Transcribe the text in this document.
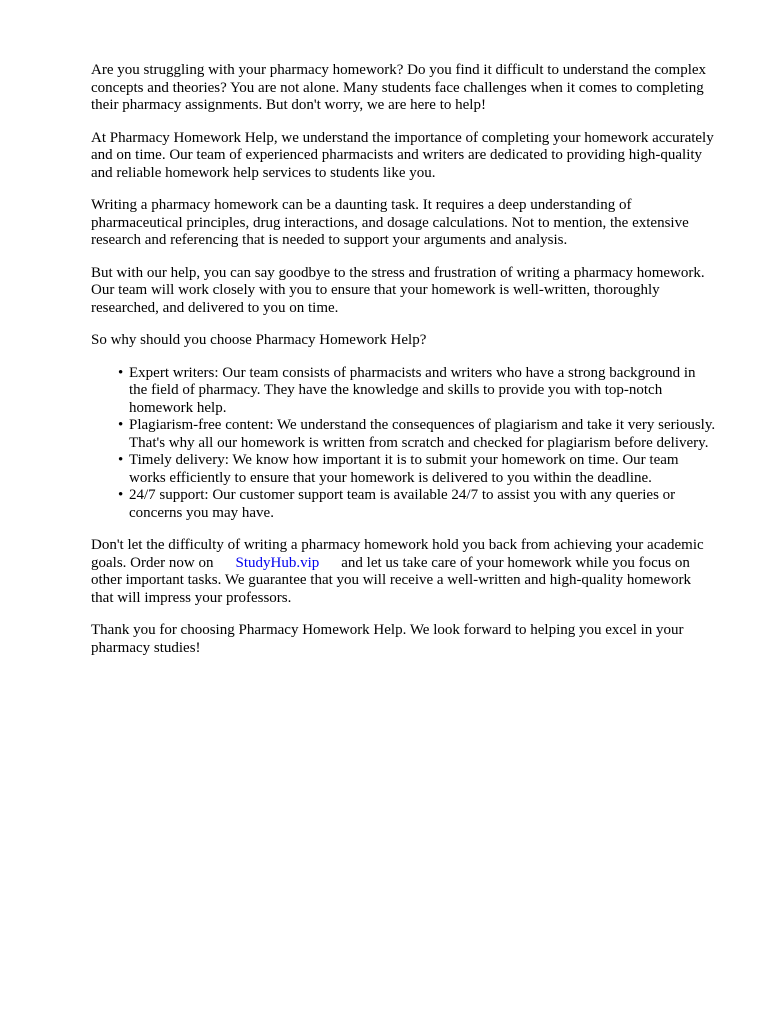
Are you struggling with your pharmacy homework? Do you find it difficult to understand the complex concepts and theories? You are not alone. Many students face challenges when it comes to completing their pharmacy assignments. But don't worry, we are here to help!

At Pharmacy Homework Help, we understand the importance of completing your homework accurately and on time. Our team of experienced pharmacists and writers are dedicated to providing high-quality and reliable homework help services to students like you.

Writing a pharmacy homework can be a daunting task. It requires a deep understanding of pharmaceutical principles, drug interactions, and dosage calculations. Not to mention, the extensive research and referencing that is needed to support your arguments and analysis.

But with our help, you can say goodbye to the stress and frustration of writing a pharmacy homework. Our team will work closely with you to ensure that your homework is well-written, thoroughly researched, and delivered to you on time.

So why should you choose Pharmacy Homework Help?

• Expert writers: Our team consists of pharmacists and writers who have a strong background in the field of pharmacy. They have the knowledge and skills to provide you with top-notch homework help.
• Plagiarism-free content: We understand the consequences of plagiarism and take it very seriously. That's why all our homework is written from scratch and checked for plagiarism before delivery.
• Timely delivery: We know how important it is to submit your homework on time. Our team works efficiently to ensure that your homework is delivered to you within the deadline.
• 24/7 support: Our customer support team is available 24/7 to assist you with any queries or concerns you may have.

Don't let the difficulty of writing a pharmacy homework hold you back from achieving your academic goals. Order now on StudyHub.vip and let us take care of your homework while you focus on other important tasks. We guarantee that you will receive a well-written and high-quality homework that will impress your professors.

Thank you for choosing Pharmacy Homework Help. We look forward to helping you excel in your pharmacy studies!
